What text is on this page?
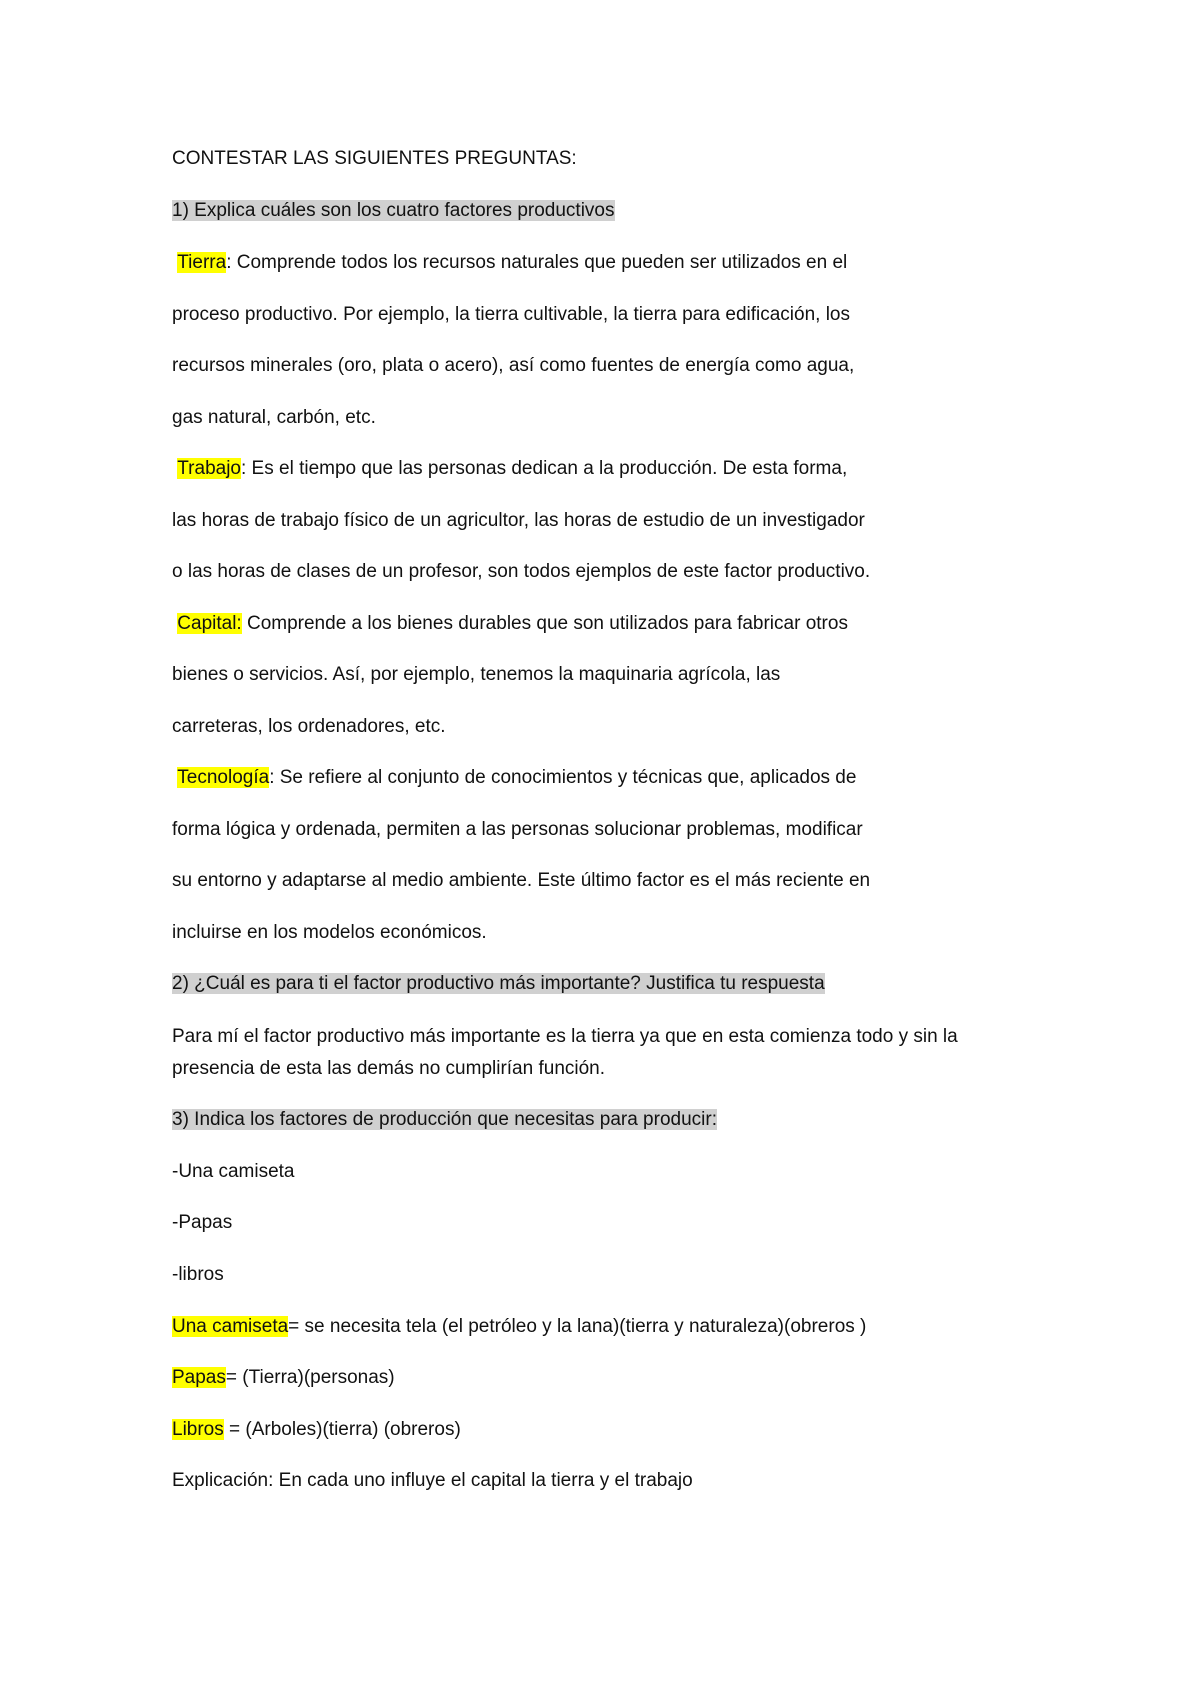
CONTESTAR LAS SIGUIENTES PREGUNTAS:
1) Explica cuáles son los cuatro factores productivos
Tierra: Comprende todos los recursos naturales que pueden ser utilizados en el
proceso productivo. Por ejemplo, la tierra cultivable, la tierra para edificación, los
recursos minerales (oro, plata o acero), así como fuentes de energía como agua,
gas natural, carbón, etc.
Trabajo: Es el tiempo que las personas dedican a la producción. De esta forma,
las horas de trabajo físico de un agricultor, las horas de estudio de un investigador
o las horas de clases de un profesor, son todos ejemplos de este factor productivo.
Capital: Comprende a los bienes durables que son utilizados para fabricar otros
bienes o servicios. Así, por ejemplo, tenemos la maquinaria agrícola, las
carreteras, los ordenadores, etc.
Tecnología: Se refiere al conjunto de conocimientos y técnicas que, aplicados de
forma lógica y ordenada, permiten a las personas solucionar problemas, modificar
su entorno y adaptarse al medio ambiente. Este último factor es el más reciente en
incluirse en los modelos económicos.
2) ¿Cuál es para ti el factor productivo más importante? Justifica tu respuesta
Para mí el factor productivo más importante es la tierra ya que en esta comienza todo y sin la
presencia de esta las demás no cumplirían función.
3) Indica los factores de producción que necesitas para producir:
-Una camiseta
-Papas
-libros
Una camiseta= se necesita tela (el petróleo y la lana)(tierra y naturaleza)(obreros )
Papas= (Tierra)(personas)
Libros = (Arboles)(tierra) (obreros)
Explicación: En cada uno influye el capital la tierra y el trabajo
